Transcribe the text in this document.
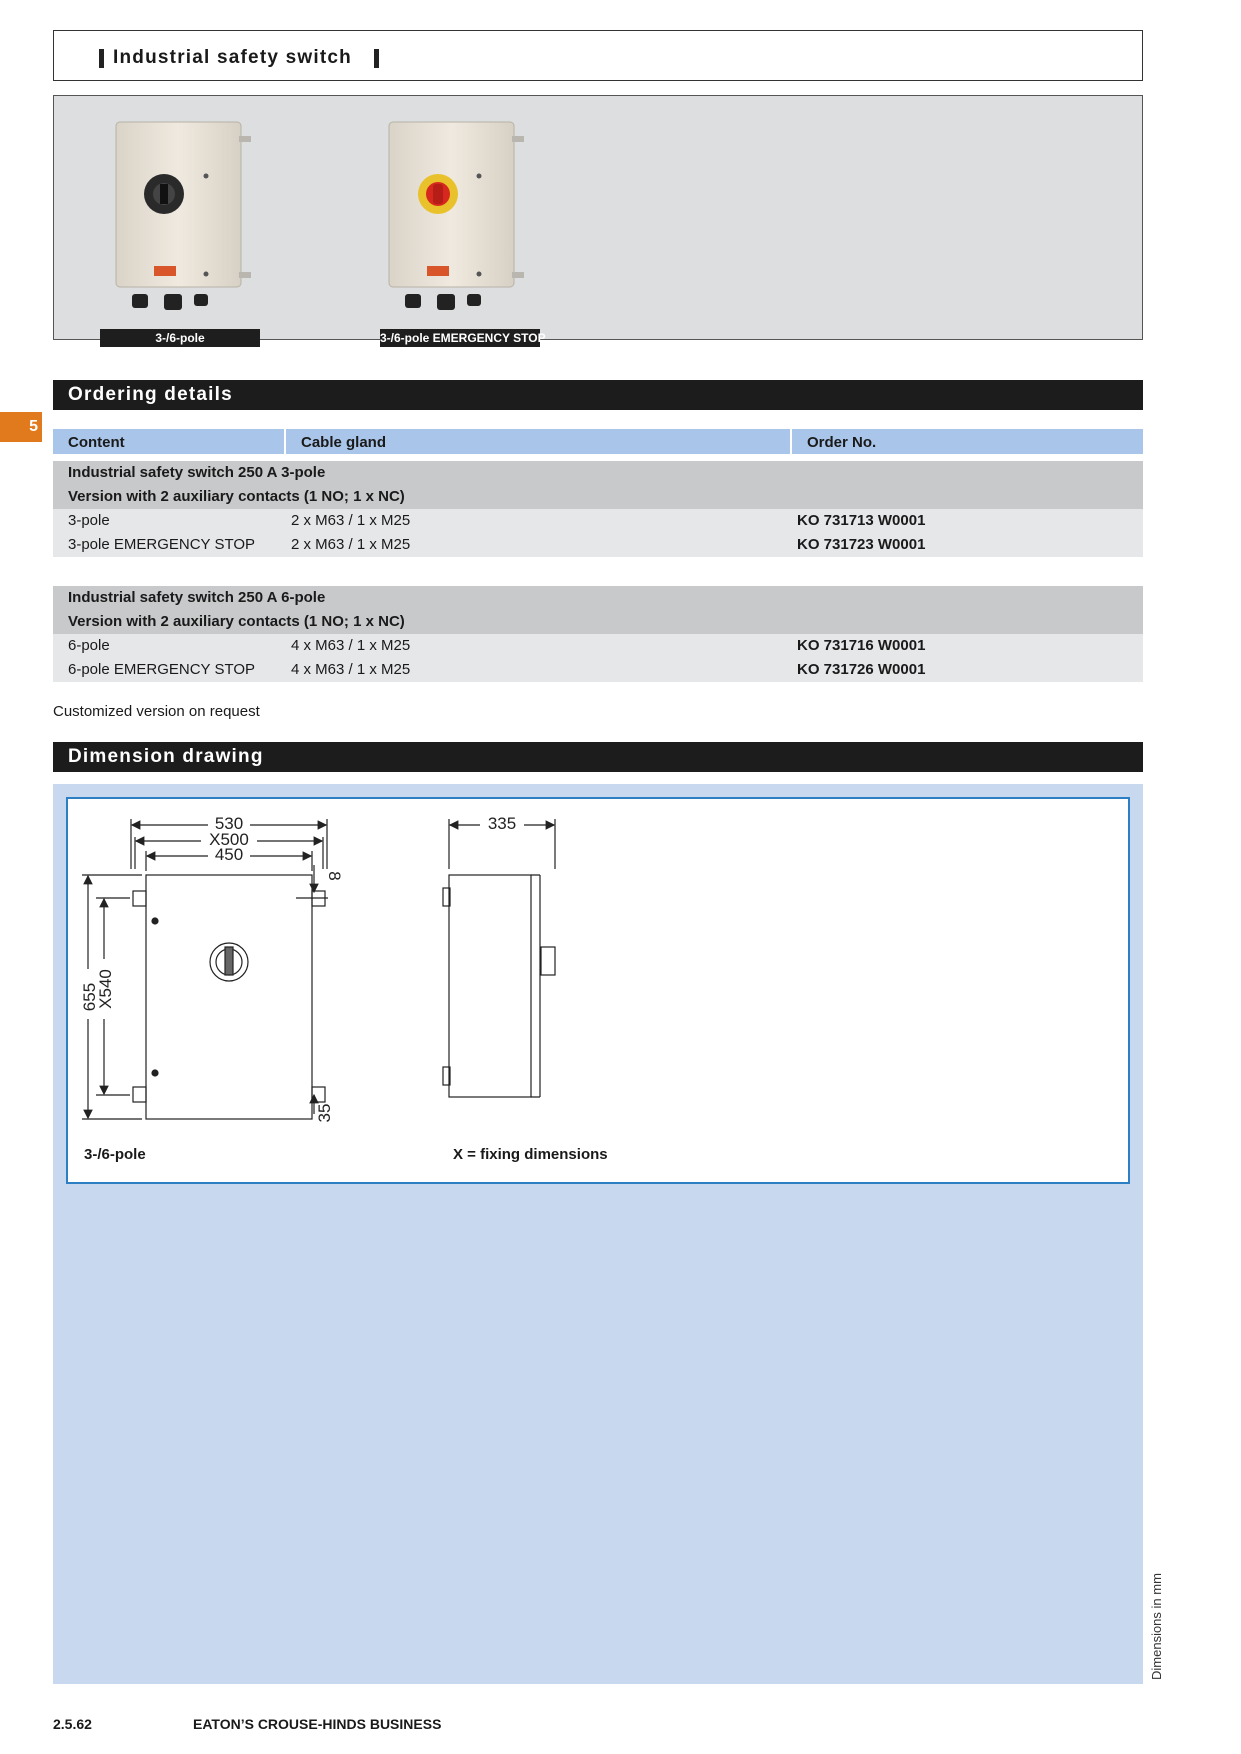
Industrial safety switch
3-/6-pole	3-/6-pole EMERGENCY STOP
Ordering details
5
Content	Cable gland	Order No.
Industrial safety switch 250 A 3-pole
Version with 2 auxiliary contacts (1 NO; 1 x NC)
3-pole	2 x M63 / 1 x M25	KO 731713 W0001
3-pole EMERGENCY STOP 2 x M63 / 1 x M25	KO 731723 W0001
Industrial safety switch 250 A 6-pole
Version with 2 auxiliary contacts (1 NO; 1 x NC)
6-pole	4 x M63 / 1 x M25	KO 731716 W0001
6-pole EMERGENCY STOP 4 x M63 / 1 x M25	KO 731726 W0001
Customized version on request
Dimension drawing
530
X500
450
655
X540
8
35
335
3-/6-pole	X = fixing dimensions
Dimensions in mm
2.5.62	EATON’S CROUSE-HINDS BUSINESS
